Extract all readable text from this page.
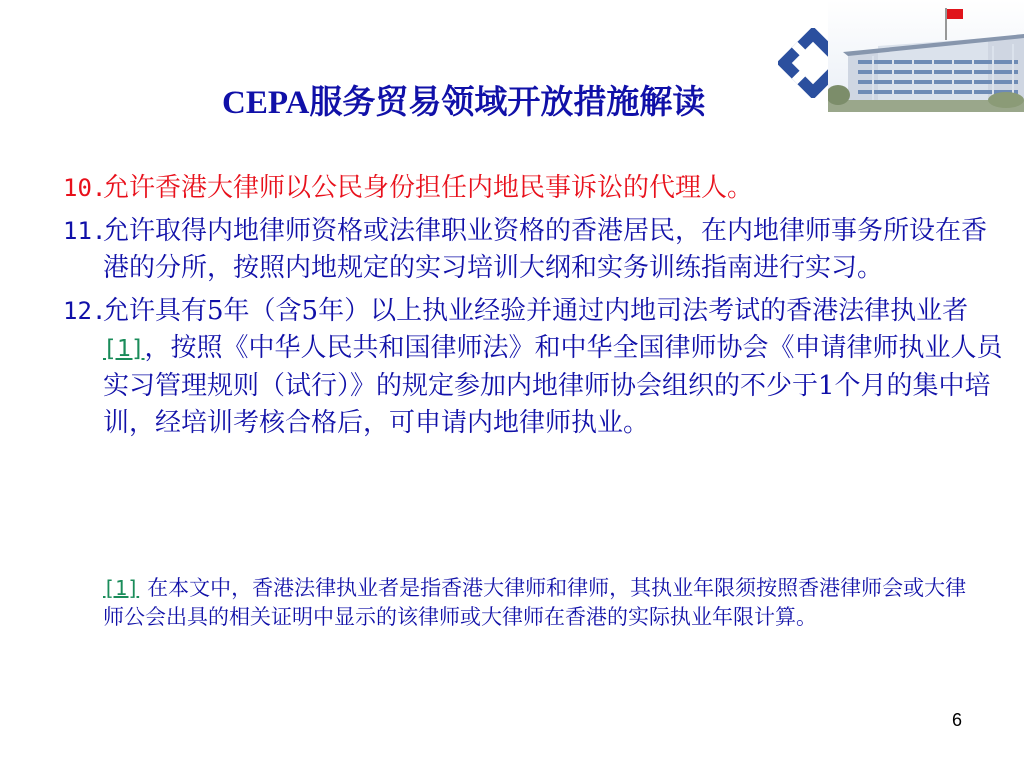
CEPA服务贸易领域开放措施解读
10.
允许香港大律师以公民身份担任内地民事诉讼的代理人。
11.
允许取得内地律师资格或法律职业资格的香港居民，在内地律师事务所设在香港的分所，按照内地规定的实习培训大纲和实务训练指南进行实习。
12.
允许具有5年（含5年）以上执业经验并通过内地司法考试的香港法律执业者[1]，按照《中华人民共和国律师法》和中华全国律师协会《申请律师执业人员实习管理规则（试行）》的规定参加内地律师协会组织的不少于1个月的集中培训，经培训考核合格后，可申请内地律师执业。
[1] 在本文中，香港法律执业者是指香港大律师和律师，其执业年限须按照香港律师会或大律师公会出具的相关证明中显示的该律师或大律师在香港的实际执业年限计算。
6
